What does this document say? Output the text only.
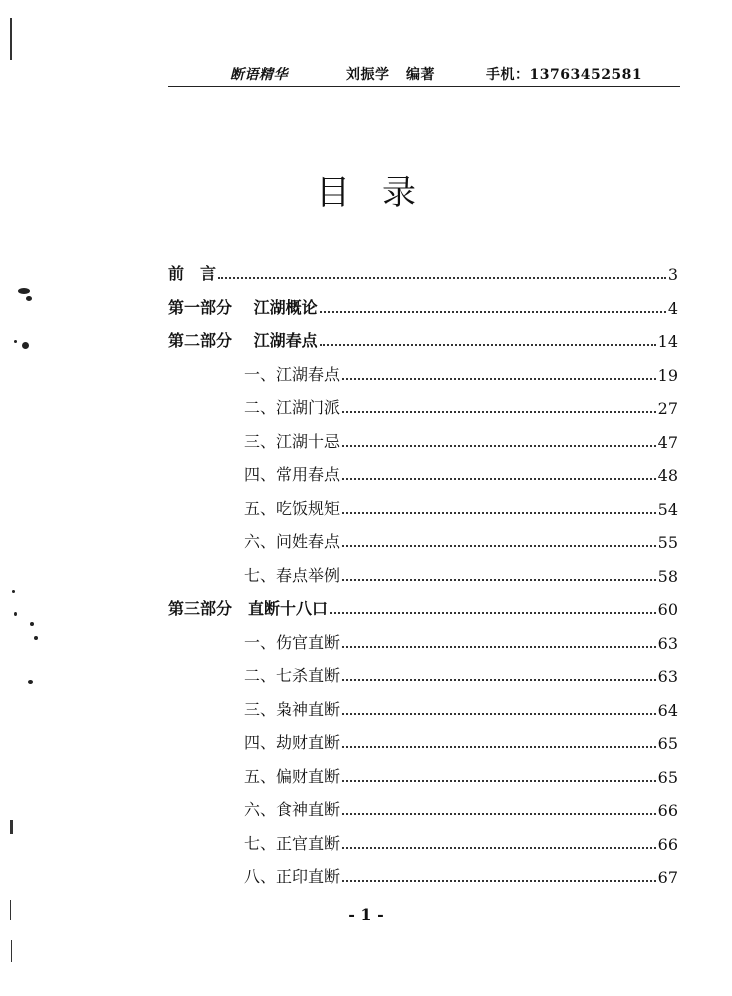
断语精华	刘振学 编著	手机：13763452581
目录
前　言	3
第一部分　 江湖概论	4
第二部分　 江湖春点	14
一、江湖春点	19
二、江湖门派	27
三、江湖十忌	47
四、常用春点	48
五、吃饭规矩	54
六、问姓春点	55
七、春点举例	58
第三部分　直断十八口	60
一、伤官直断	63
二、七杀直断	63
三、枭神直断	64
四、劫财直断	65
五、偏财直断	65
六、食神直断	66
七、正官直断	66
八、正印直断	67
- 1 -
